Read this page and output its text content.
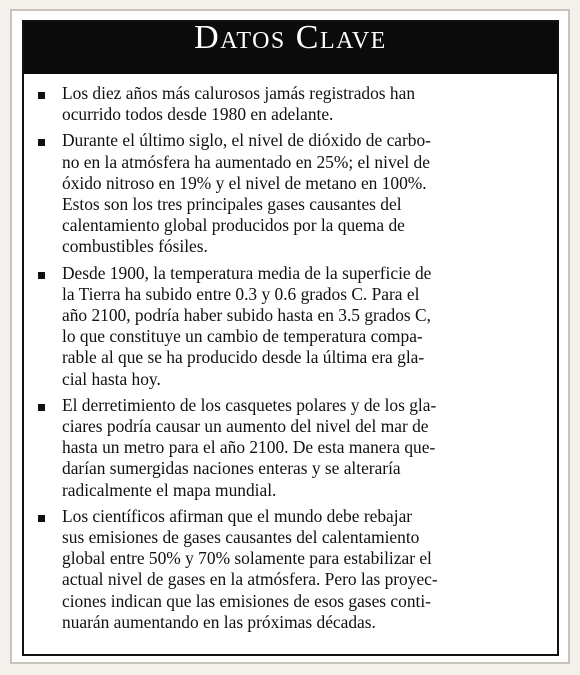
Datos Clave
Los diez años más calurosos jamás registrados han
ocurrido todos desde 1980 en adelante.
Durante el último siglo, el nivel de dióxido de carbo-
no en la atmósfera ha aumentado en 25%; el nivel de
óxido nitroso en 19% y el nivel de metano en 100%.
Estos son los tres principales gases causantes del
calentamiento global producidos por la quema de
combustibles fósiles.
Desde 1900, la temperatura media de la superficie de
la Tierra ha subido entre 0.3 y 0.6 grados C. Para el
año 2100, podría haber subido hasta en 3.5 grados C,
lo que constituye un cambio de temperatura compa-
rable al que se ha producido desde la última era gla-
cial hasta hoy.
El derretimiento de los casquetes polares y de los gla-
ciares podría causar un aumento del nivel del mar de
hasta un metro para el año 2100. De esta manera que-
darían sumergidas naciones enteras y se alteraría
radicalmente el mapa mundial.
Los científicos afirman que el mundo debe rebajar
sus emisiones de gases causantes del calentamiento
global entre 50% y 70% solamente para estabilizar el
actual nivel de gases en la atmósfera. Pero las proyec-
ciones indican que las emisiones de esos gases conti-
nuarán aumentando en las próximas décadas.
